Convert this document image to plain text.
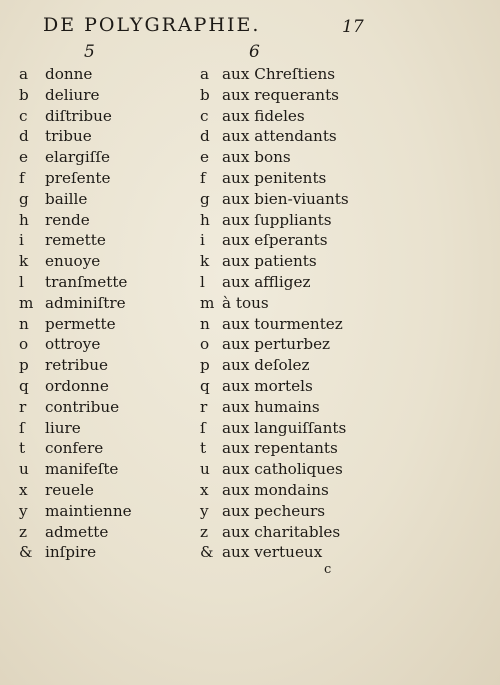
DE POLYGRAPHIE.	17
5	6
a donne	a aux Chreſtiens
b deliure	b aux requerants
c diſtribue	c aux fideles
d tribue	d aux attendants
e elargiſſe	e aux bons
f preſente	f aux penitents
g baille	g aux bien-viuants
h rende	h aux ſuppliants
i remette	i aux eſperants
k enuoye	k aux patients
l tranſmette	l aux affligez
m adminiſtre	m à tous
n permette	n aux tourmentez
o ottroye	o aux perturbez
p retribue	p aux deſolez
q ordonne	q aux mortels
r contribue	r aux humains
ſ liure	ſ aux languiſſants
t confere	t aux repentants
u manifeſte	u aux catholiques
x reuele	x aux mondains
y maintienne	y aux pecheurs
z admette	z aux charitables
& inſpire	& aux vertueux
c
